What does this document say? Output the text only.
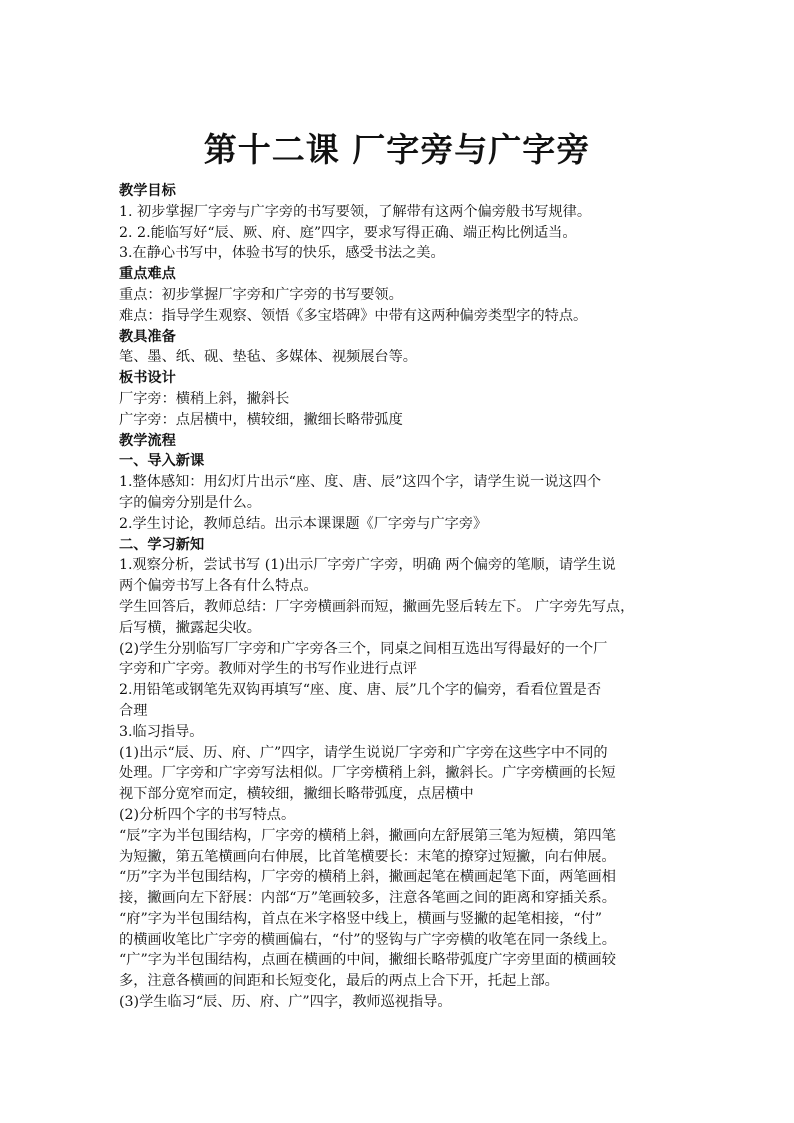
第十二课 厂字旁与广字旁

教学目标

1. 初步掌握厂字旁与广字旁的书写要领，了解带有这两个偏旁般书写规律。

2. 2.能临写好“辰、厥、府、庭”四字，要求写得正确、端正构比例适当。

3.在静心书写中，体验书写的快乐，感受书法之美。

重点难点

重点：初步掌握厂字旁和广字旁的书写要领。

难点：指导学生观察、领悟《多宝塔碑》中带有这两种偏旁类型字的特点。

教具准备

笔、墨、纸、砚、垫毡、多媒体、视频展台等。

板书设计

厂字旁：横稍上斜，撇斜长

广字旁：点居横中，横较细，撇细长略带弧度

教学流程

一、导入新课

1.整体感知：用幻灯片出示“座、度、唐、辰”这四个字，请学生说一说这四个

字的偏旁分别是什么。

2.学生讨论，教师总结。出示本课课题《厂字旁与广字旁》

二、学习新知

1.观察分析，尝试书写 (1)出示厂字旁广字旁，明确 两个偏旁的笔顺，请学生说

两个偏旁书写上各有什么特点。

学生回答后，教师总结：厂字旁横画斜而短，撇画先竖后转左下。 广字旁先写点，

后写横，撇露起尖收。

(2)学生分别临写厂字旁和广字旁各三个，同桌之间相互选出写得最好的一个厂

字旁和广字旁。教师对学生的书写作业进行点评

2.用铅笔或钢笔先双钩再填写“座、度、唐、辰”几个字的偏旁，看看位置是否

合理

3.临习指导。

(1)出示“辰、历、府、广”四字，请学生说说厂字旁和广字旁在这些字中不同的

处理。厂字旁和广字旁写法相似。厂字旁横稍上斜，撇斜长。广字旁横画的长短

视下部分宽窄而定，横较细，撇细长略带弧度，点居横中

(2)分析四个字的书写特点。

“辰”字为半包围结构，厂字旁的横稍上斜，撇画向左舒展第三笔为短横，第四笔

为短撇，第五笔横画向右伸展，比首笔横要长：末笔的撩穿过短撇，向右伸展。

“历”字为半包围结构，厂字旁的横稍上斜，撇画起笔在横画起笔下面，两笔画相

接，撇画向左下舒展：内部“万”笔画较多，注意各笔画之间的距离和穿插关系。

“府”字为半包围结构，首点在米字格竖中线上，横画与竖撇的起笔相接，“付”

的横画收笔比广字旁的横画偏右，“付”的竖钩与广字旁横的收笔在同一条线上。

“广”字为半包围结构，点画在横画的中间，撇细长略带弧度广字旁里面的横画较

多，注意各横画的间距和长短变化，最后的两点上合下开，托起上部。

(3)学生临习“辰、历、府、广”四字，教师巡视指导。
